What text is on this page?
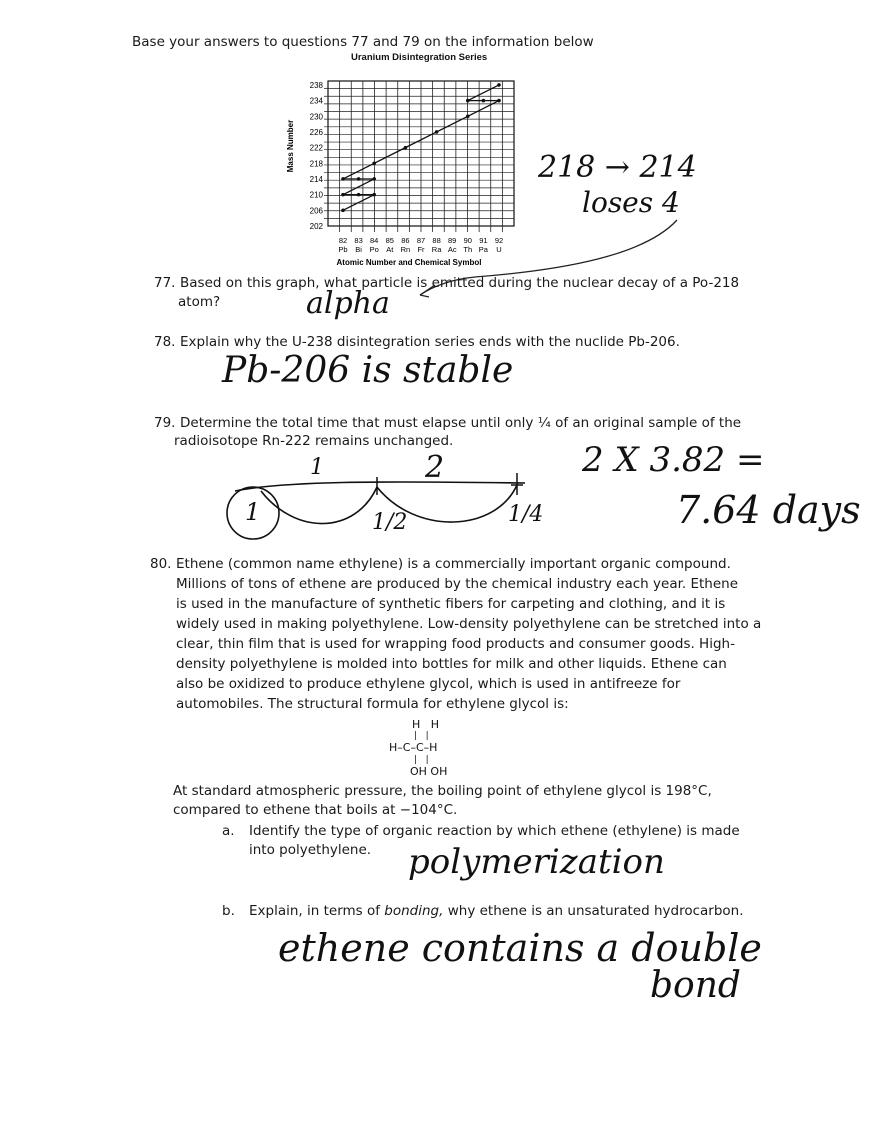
Base your answers to questions 77 and 79 on the information below
Uranium Disintegration Series
238
234
230
226
222
218
214
210
206
202
82 83 84 85 86 87 88 89 90 91 92
Pb Bi Po At Rn Fr Ra Ac Th Pa U
Mass Number
Atomic Number and Chemical Symbol
218 → 214
loses 4
77. Based on this graph, what particle is emitted during the nuclear decay of a Po-218
atom?	alpha
78. Explain why the U-238 disintegration series ends with the nuclide Pb-206.
Pb-206 is stable
79. Determine the total time that must elapse until only ¼ of an original sample of the
radioisotope Rn-222 remains unchanged.
1	2
1	1/2	1/4
2 X 3.82 =
7.64 days
80. Ethene (common name ethylene) is a commercially important organic compound.
Millions of tons of ethene are produced by the chemical industry each year. Ethene
is used in the manufacture of synthetic fibers for carpeting and clothing, and it is
widely used in making polyethylene. Low-density polyethylene can be stretched into a
clear, thin film that is used for wrapping food products and consumer goods. High-
density polyethylene is molded into bottles for milk and other liquids. Ethene can
also be oxidized to produce ethylene glycol, which is used in antifreeze for
automobiles. The structural formula for ethylene glycol is:
H   H
|   |
H–C–C–H
|   |
OH OH
At standard atmospheric pressure, the boiling point of ethylene glycol is 198°C,
compared to ethene that boils at −104°C.
a. Identify the type of organic reaction by which ethene (ethylene) is made
into polyethylene. polymerization
b. Explain, in terms of bonding, why ethene is an unsaturated hydrocarbon.
ethene contains a double
bond
